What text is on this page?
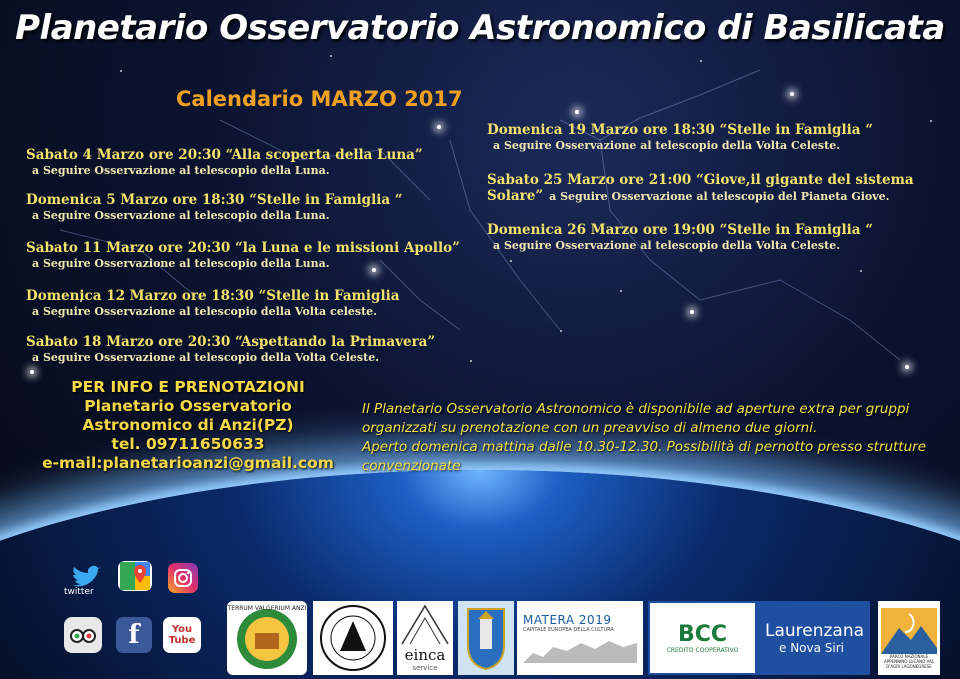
Planetario Osservatorio Astronomico di Basilicata
Calendario MARZO 2017
Sabato 4 Marzo ore 20:30 “Alla scoperta della Luna”
a Seguire Osservazione al telescopio della Luna.
Domenica 5 Marzo ore 18:30 “Stelle in Famiglia “
a Seguire Osservazione al telescopio della Luna.
Sabato 11 Marzo ore 20:30 “la Luna e le missioni Apollo”
a Seguire Osservazione al telescopio della Luna.
Domenica 12 Marzo ore 18:30 “Stelle in Famiglia
a Seguire Osservazione al telescopio della Volta celeste.
Sabato 18 Marzo ore 20:30 “Aspettando la Primavera”
a Seguire Osservazione al telescopio della Volta Celeste.
Domenica 19 Marzo ore 18:30 “Stelle in Famiglia “
a Seguire Osservazione al telescopio della Volta Celeste.
Sabato 25 Marzo ore 21:00 “Giove,il gigante del sistema
Solare” a Seguire Osservazione al telescopio del Pianeta Giove.
Domenica 26 Marzo ore 19:00 “Stelle in Famiglia “
a Seguire Osservazione al telescopio della Volta Celeste.
PER INFO E PRENOTAZIONI
Planetario Osservatorio
Astronomico di Anzi(PZ)
tel. 09711650633
e-mail:planetarioanzi@gmail.com
Il Planetario Osservatorio Astronomico è disponibile ad aperture extra per gruppi
organizzati su prenotazione con un preavviso di almeno due giorni.
Aperto domenica mattina dalle 10.30-12.30. Possibilità di pernotto presso strutture
convenzionate
twitter
f	You Tube
TERRUM VALGERIUM ANZI
einca
service
MATERA 2019
CAPITALE EUROPEA DELLA CULTURA	BCC
CREDITO COOPERATIVO
Laurenzana
e Nova Siri
PARCO NAZIONALE APPENNINO LUCANO VAL D'AGRI LAGONEGRESE
